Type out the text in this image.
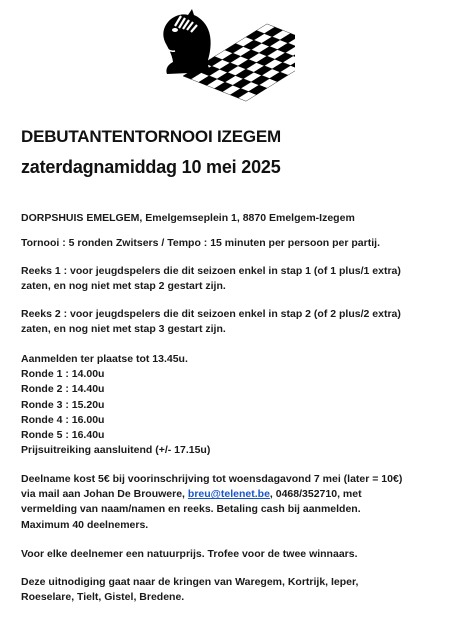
DEBUTANTENTORNOOI IZEGEM
zaterdagnamiddag 10 mei 2025
DORPSHUIS EMELGEM, Emelgemseplein 1, 8870 Emelgem-Izegem
Tornooi : 5 ronden Zwitsers / Tempo : 15 minuten per persoon per partij.
Reeks 1 : voor jeugdspelers die dit seizoen enkel in stap 1 (of 1 plus/1 extra)
zaten, en nog niet met stap 2 gestart zijn.
Reeks 2 : voor jeugdspelers die dit seizoen enkel in stap 2 (of 2 plus/2 extra)
zaten, en nog niet met stap 3 gestart zijn.
Aanmelden ter plaatse tot 13.45u.
Ronde 1 : 14.00u
Ronde 2 : 14.40u
Ronde 3 : 15.20u
Ronde 4 : 16.00u
Ronde 5 : 16.40u
Prijsuitreiking aansluitend (+/- 17.15u)
Deelname kost 5€ bij voorinschrijving tot woensdagavond 7 mei (later = 10€)
via mail aan Johan De Brouwere, breu@telenet.be, 0468/352710, met
vermelding van naam/namen en reeks. Betaling cash bij aanmelden.
Maximum 40 deelnemers.
Voor elke deelnemer een natuurprijs. Trofee voor de twee winnaars.
Deze uitnodiging gaat naar de kringen van Waregem, Kortrijk, Ieper,
Roeselare, Tielt, Gistel, Bredene.
